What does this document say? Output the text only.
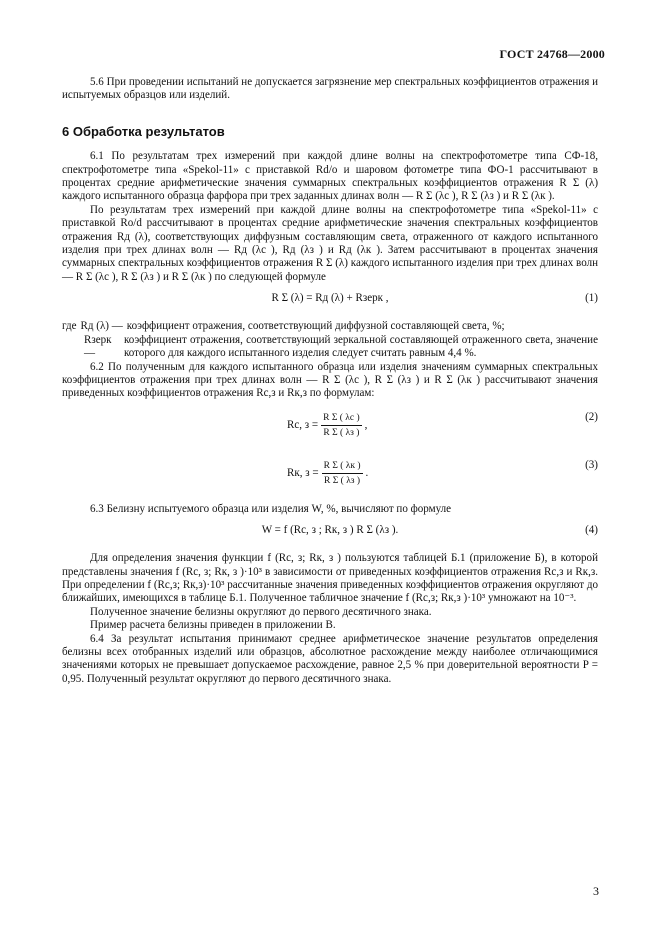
ГОСТ 24768—2000

5.6 При проведении испытаний не допускается загрязнение мер спектральных коэффициентов отражения и испытуемых образцов или изделий.

6 Обработка результатов

6.1 По результатам трех измерений при каждой длине волны на спектрофотометре типа СФ-18, спектрофотометре типа «Spekol-11» с приставкой Rd/o и шаровом фотометре типа ФО-1 рассчитывают в процентах средние арифметические значения суммарных спектральных коэффициентов отражения R Σ (λ) каждого испытанного образца фарфора при трех заданных длинах волн — R Σ (λс ), R Σ (λз ) и R Σ (λк ).

По результатам трех измерений при каждой длине волны на спектрофотометре типа «Spekol-11» с приставкой Ro/d рассчитывают в процентах средние арифметические значения спектральных коэффициентов отражения Rд (λ), соответствующих диффузным составляющим света, отраженного от каждого испытанного изделия при трех длинах волн — Rд (λс ), Rд (λз ) и Rд (λк ). Затем рассчитывают в процентах значения суммарных спектральных коэффициентов отражения R Σ (λ) каждого испытанного изделия при трех длинах волн — R Σ (λс ), R Σ (λз ) и R Σ (λк ) по следующей формуле

R Σ (λ) = Rд (λ) + Rзерк ,	(1)
где Rд (λ) — коэффициент отражения, соответствующий диффузной составляющей света, %;
Rзерк —
коэффициент отражения, соответствующий зеркальной составляющей отраженного света, значение которого для каждого испытанного изделия следует считать равным 4,4 %.

6.2 По полученным для каждого испытанного образца или изделия значениям суммарных спектральных коэффициентов отражения при трех длинах волн — R Σ (λс ), R Σ (λз ) и R Σ (λк ) рассчитывают значения приведенных коэффициентов отражения Rс,з и Rк,з по формулам:

Rс, $з = \frac{\text{R Σ ( λс )}}{\text{R Σ ( λз )}}$ ,
(2)
Rк, $з = \frac{\text{R Σ ( λк )}}{\text{R Σ ( λз )}}$ .
(3)

6.3 Белизну испытуемого образца или изделия W, %, вычисляют по формуле

W = f (Rс, з ; Rк, з ) R Σ (λз ).	(4)

Для определения значения функции f (Rс, з; Rк, з ) пользуются таблицей Б.1 (приложение Б), в которой представлены значения f (Rс, з; Rк, з )·10³ в зависимости от приведенных коэффициентов отражения Rс,з и Rк,з. При определении f (Rс,з; Rк,з)·10³ рассчитанные значения приведенных коэффициентов отражения округляют до ближайших, имеющихся в таблице Б.1. Полученное табличное значение f (Rс,з; Rк,з )·10³ умножают на 10⁻³.

Полученное значение белизны округляют до первого десятичного знака.

Пример расчета белизны приведен в приложении В.

6.4 За результат испытания принимают среднее арифметическое значение результатов определения белизны всех отобранных изделий или образцов, абсолютное расхождение между наиболее отличающимися значениями которых не превышает допускаемое расхождение, равное 2,5 % при доверительной вероятности P = 0,95. Полученный результат округляют до первого десятичного знака.

3
